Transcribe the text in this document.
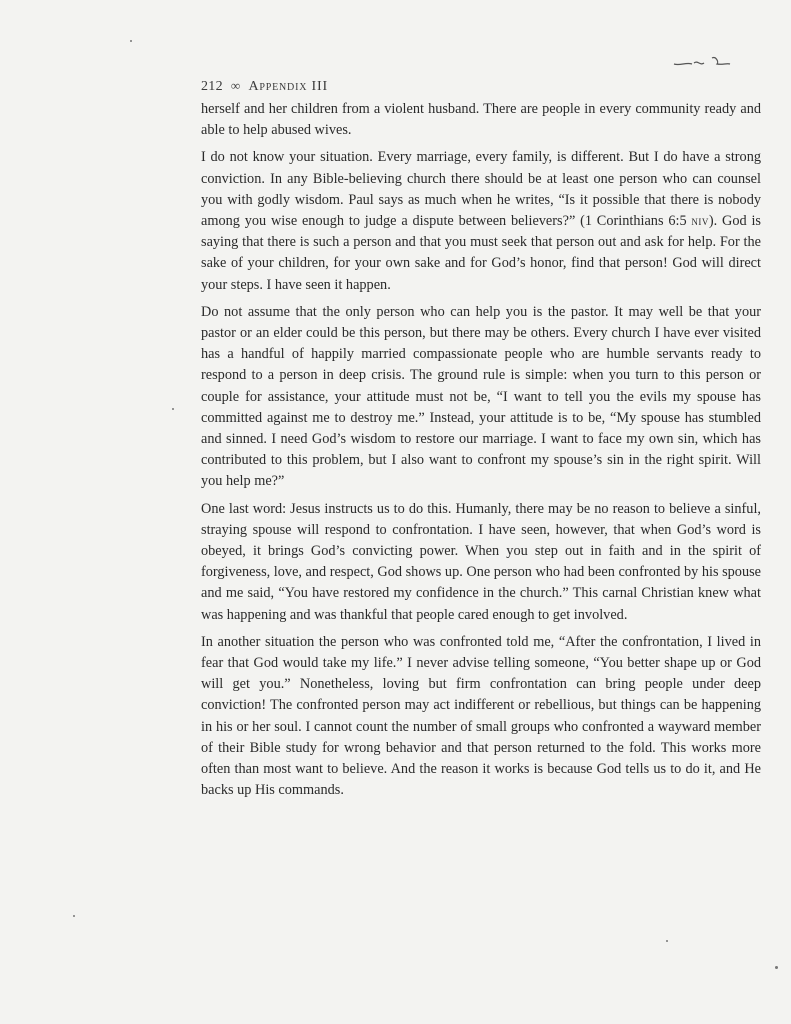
212 ∞ Appendix III

herself and her children from a violent husband. There are people in every community ready and able to help abused wives.

I do not know your situation. Every marriage, every family, is different. But I do have a strong conviction. In any Bible-believing church there should be at least one person who can counsel you with godly wisdom. Paul says as much when he writes, “Is it possible that there is nobody among you wise enough to judge a dispute between believers?” (1 Corinthians 6:5 niv). God is saying that there is such a person and that you must seek that person out and ask for help. For the sake of your children, for your own sake and for God’s honor, find that person! God will direct your steps. I have seen it happen.

Do not assume that the only person who can help you is the pastor. It may well be that your pastor or an elder could be this person, but there may be others. Every church I have ever visited has a handful of happily married compassionate people who are humble servants ready to respond to a person in deep crisis. The ground rule is simple: when you turn to this person or couple for assistance, your attitude must not be, “I want to tell you the evils my spouse has committed against me to destroy me.” Instead, your attitude is to be, “My spouse has stumbled and sinned. I need God’s wisdom to restore our marriage. I want to face my own sin, which has contributed to this problem, but I also want to confront my spouse’s sin in the right spirit. Will you help me?”

One last word: Jesus instructs us to do this. Humanly, there may be no reason to believe a sinful, straying spouse will respond to confrontation. I have seen, however, that when God’s word is obeyed, it brings God’s convicting power. When you step out in faith and in the spirit of forgiveness, love, and respect, God shows up. One person who had been confronted by his spouse and me said, “You have restored my confidence in the church.” This carnal Christian knew what was happening and was thankful that people cared enough to get involved.

In another situation the person who was confronted told me, “After the confrontation, I lived in fear that God would take my life.” I never advise telling someone, “You better shape up or God will get you.” Nonetheless, loving but firm confrontation can bring people under deep conviction! The confronted person may act indifferent or rebellious, but things can be happening in his or her soul. I cannot count the number of small groups who confronted a wayward member of their Bible study for wrong behavior and that person returned to the fold. This works more often than most want to believe. And the reason it works is because God tells us to do it, and He backs up His commands.
